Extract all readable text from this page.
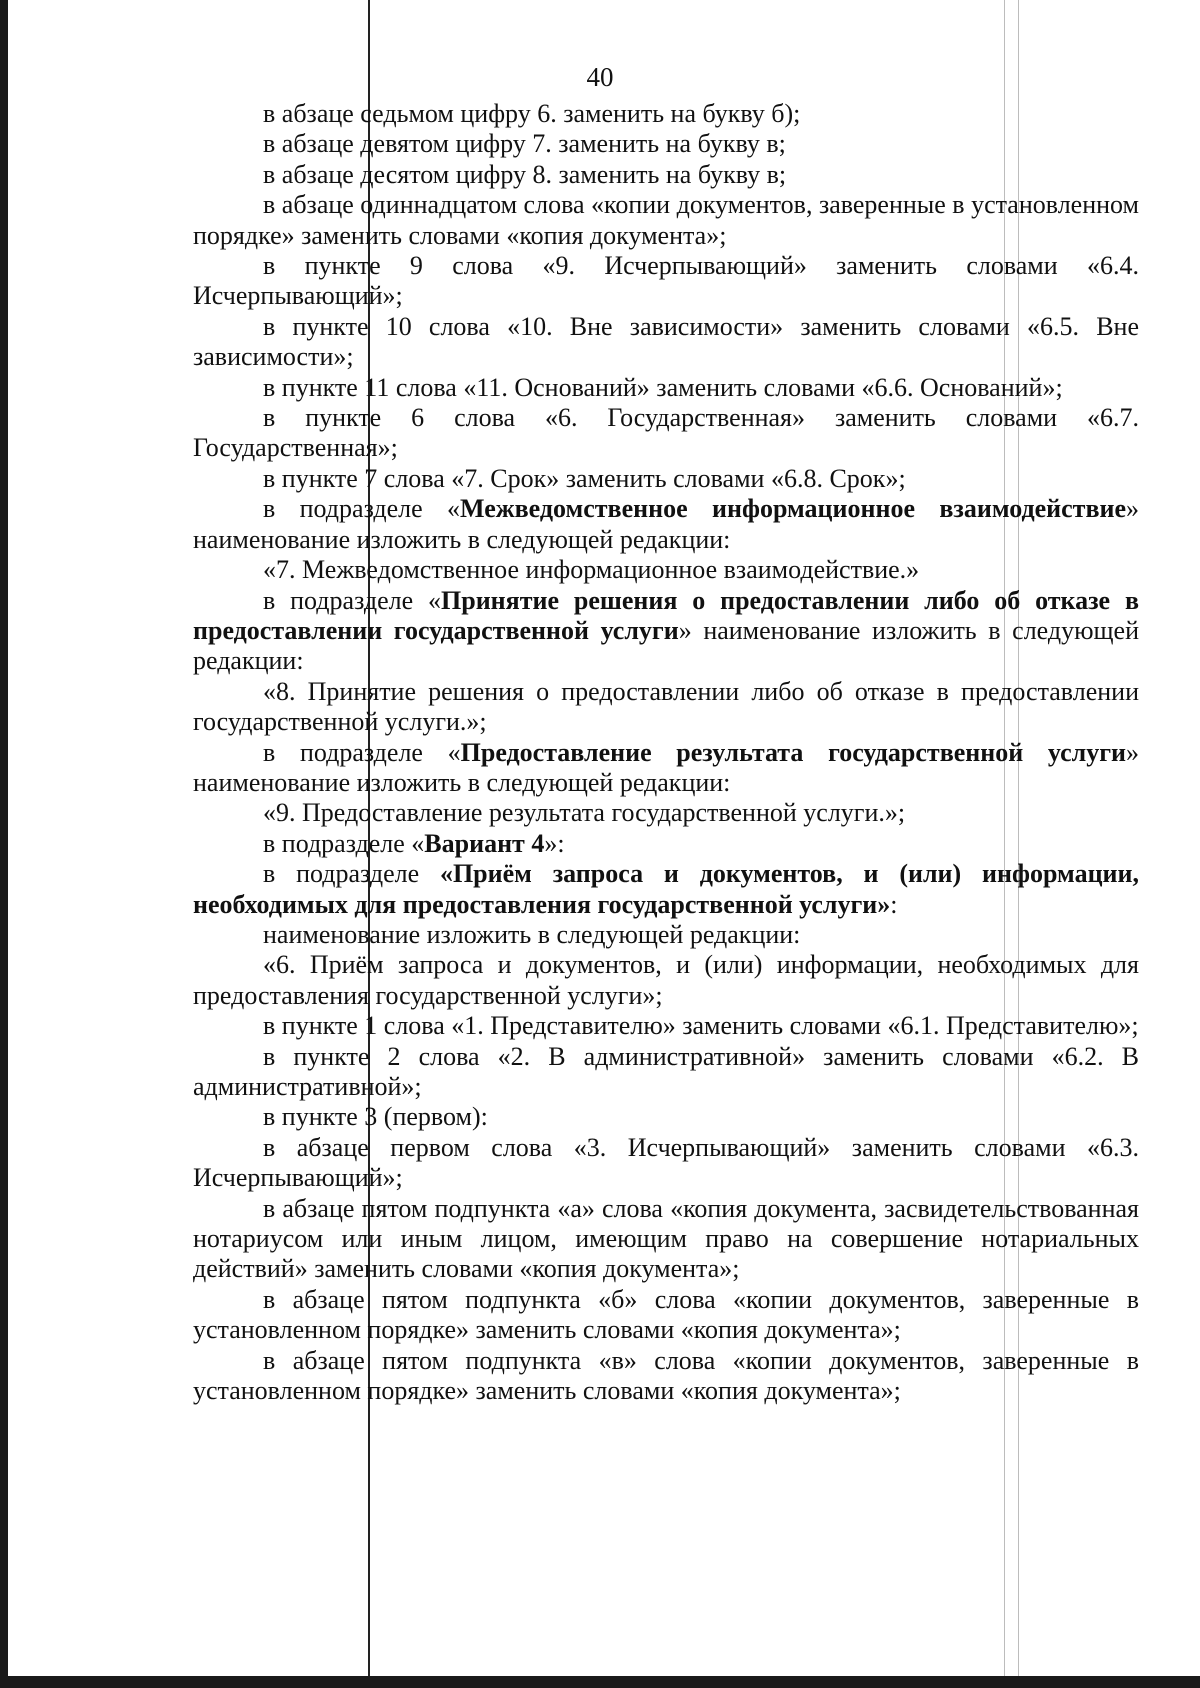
40

в абзаце седьмом цифру 6. заменить на букву б);

в абзаце девятом цифру 7. заменить на букву в;

в абзаце десятом цифру 8. заменить на букву в;

в абзаце одиннадцатом слова «копии документов, заверенные в установленном порядке» заменить словами «копия документа»;

в пункте 9 слова «9. Исчерпывающий» заменить словами «6.4. Исчерпывающий»;

в пункте 10 слова «10. Вне зависимости» заменить словами «6.5. Вне зависимости»;

в пункте 11 слова «11. Оснований» заменить словами «6.6. Оснований»;

в пункте 6 слова «6. Государственная» заменить словами «6.7. Государственная»;

в пункте 7 слова «7. Срок» заменить словами «6.8. Срок»;

в подразделе «Межведомственное информационное взаимодействие» наименование изложить в следующей редакции:

«7. Межведомственное информационное взаимодействие.»

в подразделе «Принятие решения о предоставлении либо об отказе в предоставлении государственной услуги» наименование изложить в следующей редакции:

«8. Принятие решения о предоставлении либо об отказе в предоставлении государственной услуги.»;

в подразделе «Предоставление результата государственной услуги» наименование изложить в следующей редакции:

«9. Предоставление результата государственной услуги.»;

в подразделе «Вариант 4»:

в подразделе «Приём запроса и документов, и (или) информации, необходимых для предоставления государственной услуги»:

наименование изложить в следующей редакции:

«6. Приём запроса и документов, и (или) информации, необходимых для предоставления государственной услуги»;

в пункте 1 слова «1. Представителю» заменить словами «6.1. Представителю»;

в пункте 2 слова «2. В административной» заменить словами «6.2. В административной»;

в пункте 3 (первом):

в абзаце первом слова «3. Исчерпывающий» заменить словами «6.3. Исчерпывающий»;

в абзаце пятом подпункта «а» слова «копия документа, засвидетельствованная нотариусом или иным лицом, имеющим право на совершение нотариальных действий» заменить словами «копия документа»;

в абзаце пятом подпункта «б» слова «копии документов, заверенные в установленном порядке» заменить словами «копия документа»;

в абзаце пятом подпункта «в» слова «копии документов, заверенные в установленном порядке» заменить словами «копия документа»;
